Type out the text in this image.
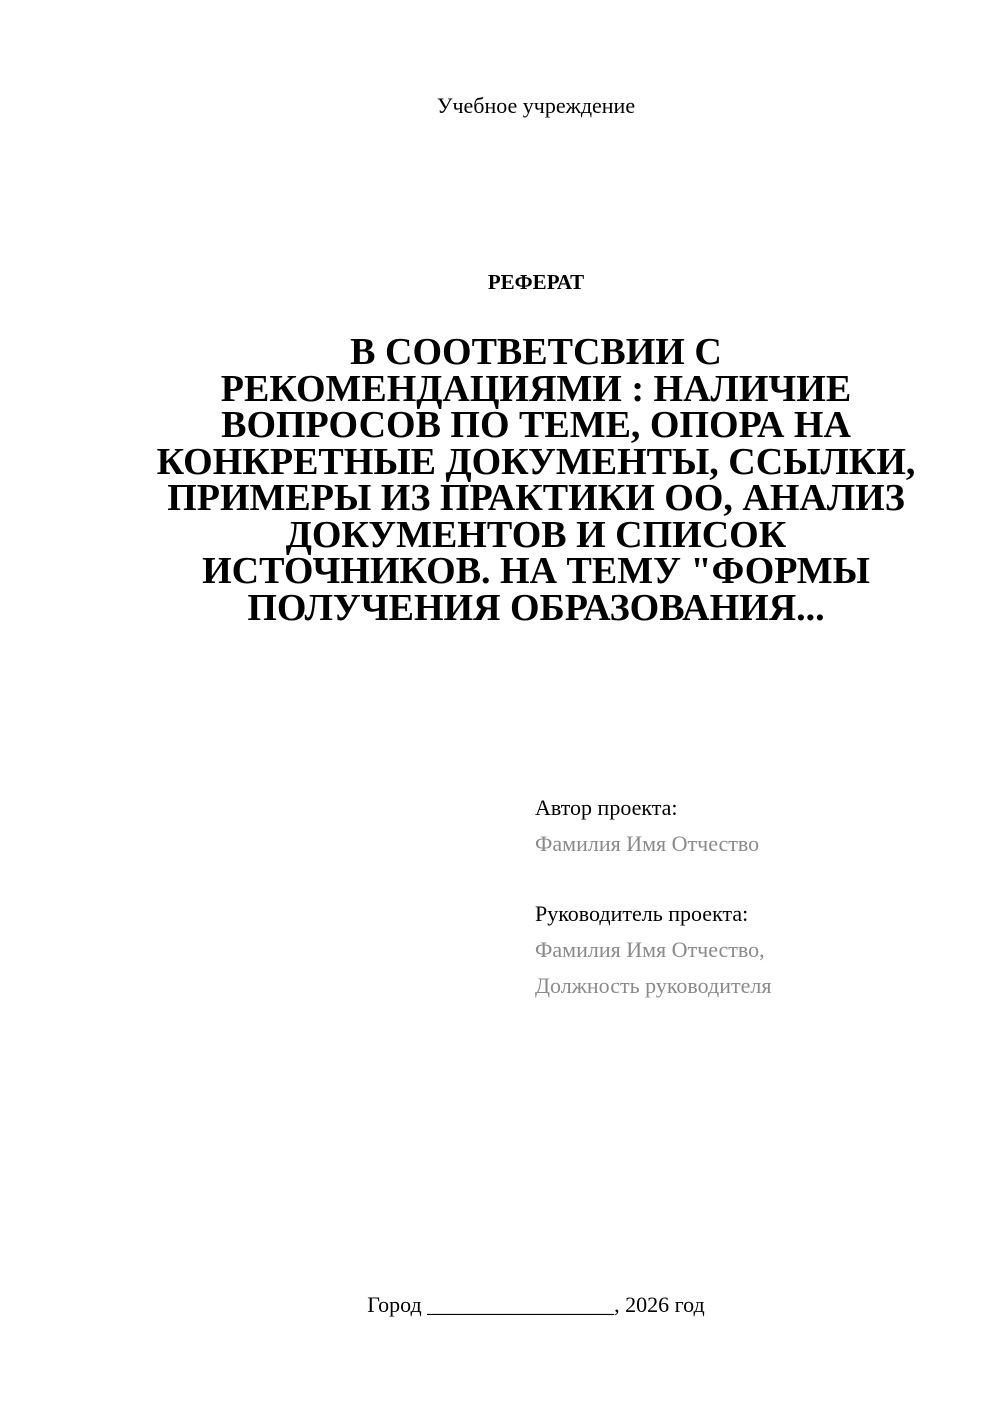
Учебное учреждение
РЕФЕРАТ
В СООТВЕТСВИИ С
РЕКОМЕНДАЦИЯМИ : НАЛИЧИЕ
ВОПРОСОВ ПО ТЕМЕ, ОПОРА НА
КОНКРЕТНЫЕ ДОКУМЕНТЫ, ССЫЛКИ,
ПРИМЕРЫ ИЗ ПРАКТИКИ ОО, АНАЛИЗ
ДОКУМЕНТОВ И СПИСОК
ИСТОЧНИКОВ. НА ТЕМУ "ФОРМЫ
ПОЛУЧЕНИЯ ОБРАЗОВАНИЯ...
Автор проекта:
Фамилия Имя Отчество
Руководитель проекта:
Фамилия Имя Отчество,
Должность руководителя
Город _________________, 2026 год
